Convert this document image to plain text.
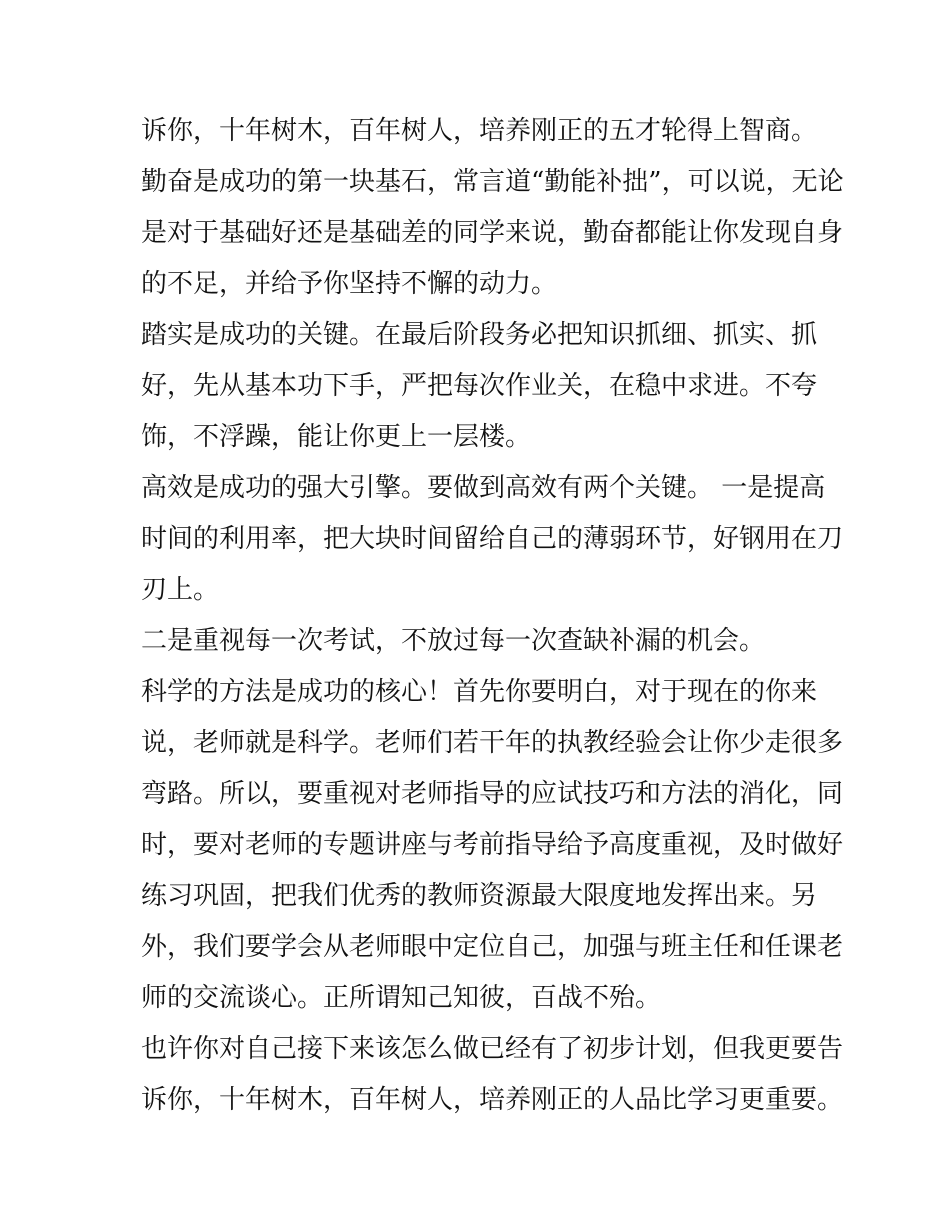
诉你，十年树木，百年树人，培养刚正的五才轮得上智商。
勤奋是成功的第一块基石，常言道“勤能补拙”，可以说，无论
是对于基础好还是基础差的同学来说，勤奋都能让你发现自身
的不足，并给予你坚持不懈的动力。
踏实是成功的关键。在最后阶段务必把知识抓细、抓实、抓
好，先从基本功下手，严把每次作业关，在稳中求进。不夸
饰，不浮躁，能让你更上一层楼。
高效是成功的强大引擎。要做到高效有两个关键。 一是提高
时间的利用率，把大块时间留给自己的薄弱环节，好钢用在刀
刃上。
二是重视每一次考试，不放过每一次查缺补漏的机会。
科学的方法是成功的核心！首先你要明白，对于现在的你来
说，老师就是科学。老师们若干年的执教经验会让你少走很多
弯路。所以，要重视对老师指导的应试技巧和方法的消化，同
时，要对老师的专题讲座与考前指导给予高度重视，及时做好
练习巩固，把我们优秀的教师资源最大限度地发挥出来。另
外，我们要学会从老师眼中定位自己，加强与班主任和任课老
师的交流谈心。正所谓知己知彼，百战不殆。
也许你对自己接下来该怎么做已经有了初步计划，但我更要告
诉你，十年树木，百年树人，培养刚正的人品比学习更重要。
